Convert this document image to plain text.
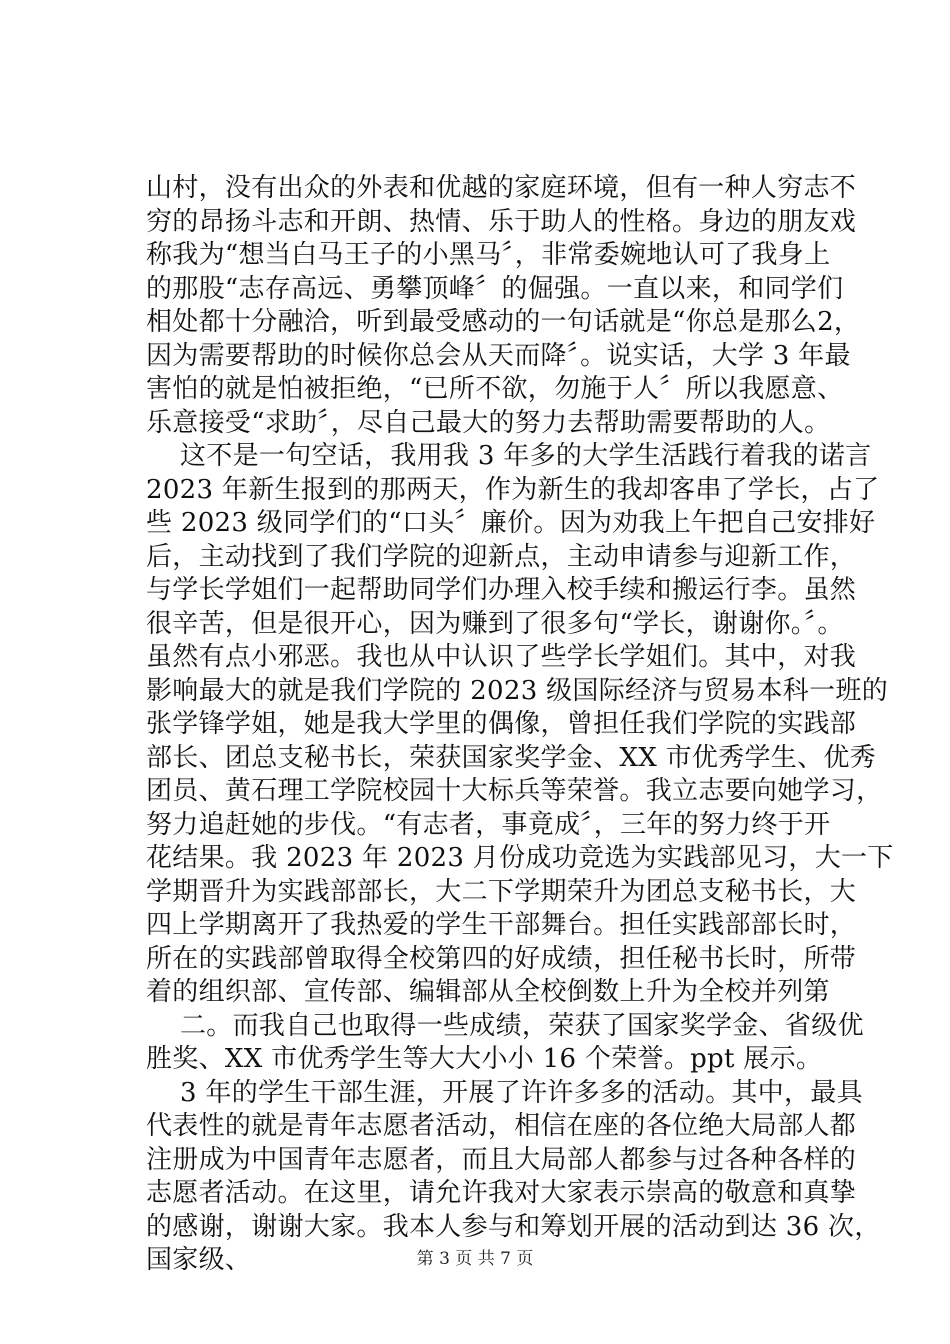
山村，没有出众的外表和优越的家庭环境，但有一种人穷志不
穷的昂扬斗志和开朗、热情、乐于助人的性格。身边的朋友戏
称我为“想当白马王子的小黑马〞，非常委婉地认可了我身上
的那股“志存高远、勇攀顶峰〞的倔强。一直以来，和同学们
相处都十分融洽，听到最受感动的一句话就是“你总是那么2，
因为需要帮助的时候你总会从天而降〞。说实话，大学 3 年最
害怕的就是怕被拒绝，“已所不欲，勿施于人〞所以我愿意、
乐意接受“求助〞，尽自己最大的努力去帮助需要帮助的人。
这不是一句空话，我用我 3 年多的大学生活践行着我的诺言
2023 年新生报到的那两天，作为新生的我却客串了学长，占了
些 2023 级同学们的“口头〞廉价。因为劝我上午把自己安排好
后，主动找到了我们学院的迎新点，主动申请参与迎新工作，
与学长学姐们一起帮助同学们办理入校手续和搬运行李。虽然
很辛苦，但是很开心，因为赚到了很多句“学长，谢谢你。〞。
虽然有点小邪恶。我也从中认识了些学长学姐们。其中，对我
影响最大的就是我们学院的 2023 级国际经济与贸易本科一班的
张学锋学姐，她是我大学里的偶像，曾担任我们学院的实践部
部长、团总支秘书长，荣获国家奖学金、XX 市优秀学生、优秀
团员、黄石理工学院校园十大标兵等荣誉。我立志要向她学习，
努力追赶她的步伐。“有志者，事竟成〞，三年的努力终于开
花结果。我 2023 年 2023 月份成功竞选为实践部见习，大一下
学期晋升为实践部部长，大二下学期荣升为团总支秘书长，大
四上学期离开了我热爱的学生干部舞台。担任实践部部长时，
所在的实践部曾取得全校第四的好成绩，担任秘书长时，所带
着的组织部、宣传部、编辑部从全校倒数上升为全校并列第
二。而我自己也取得一些成绩，荣获了国家奖学金、省级优
胜奖、XX 市优秀学生等大大小小 16 个荣誉。ppt 展示。
3 年的学生干部生涯，开展了许许多多的活动。其中，最具
代表性的就是青年志愿者活动，相信在座的各位绝大局部人都
注册成为中国青年志愿者，而且大局部人都参与过各种各样的
志愿者活动。在这里，请允许我对大家表示崇高的敬意和真挚
的感谢，谢谢大家。我本人参与和筹划开展的活动到达 36 次，
国家级、	第 3 页 共 7 页
